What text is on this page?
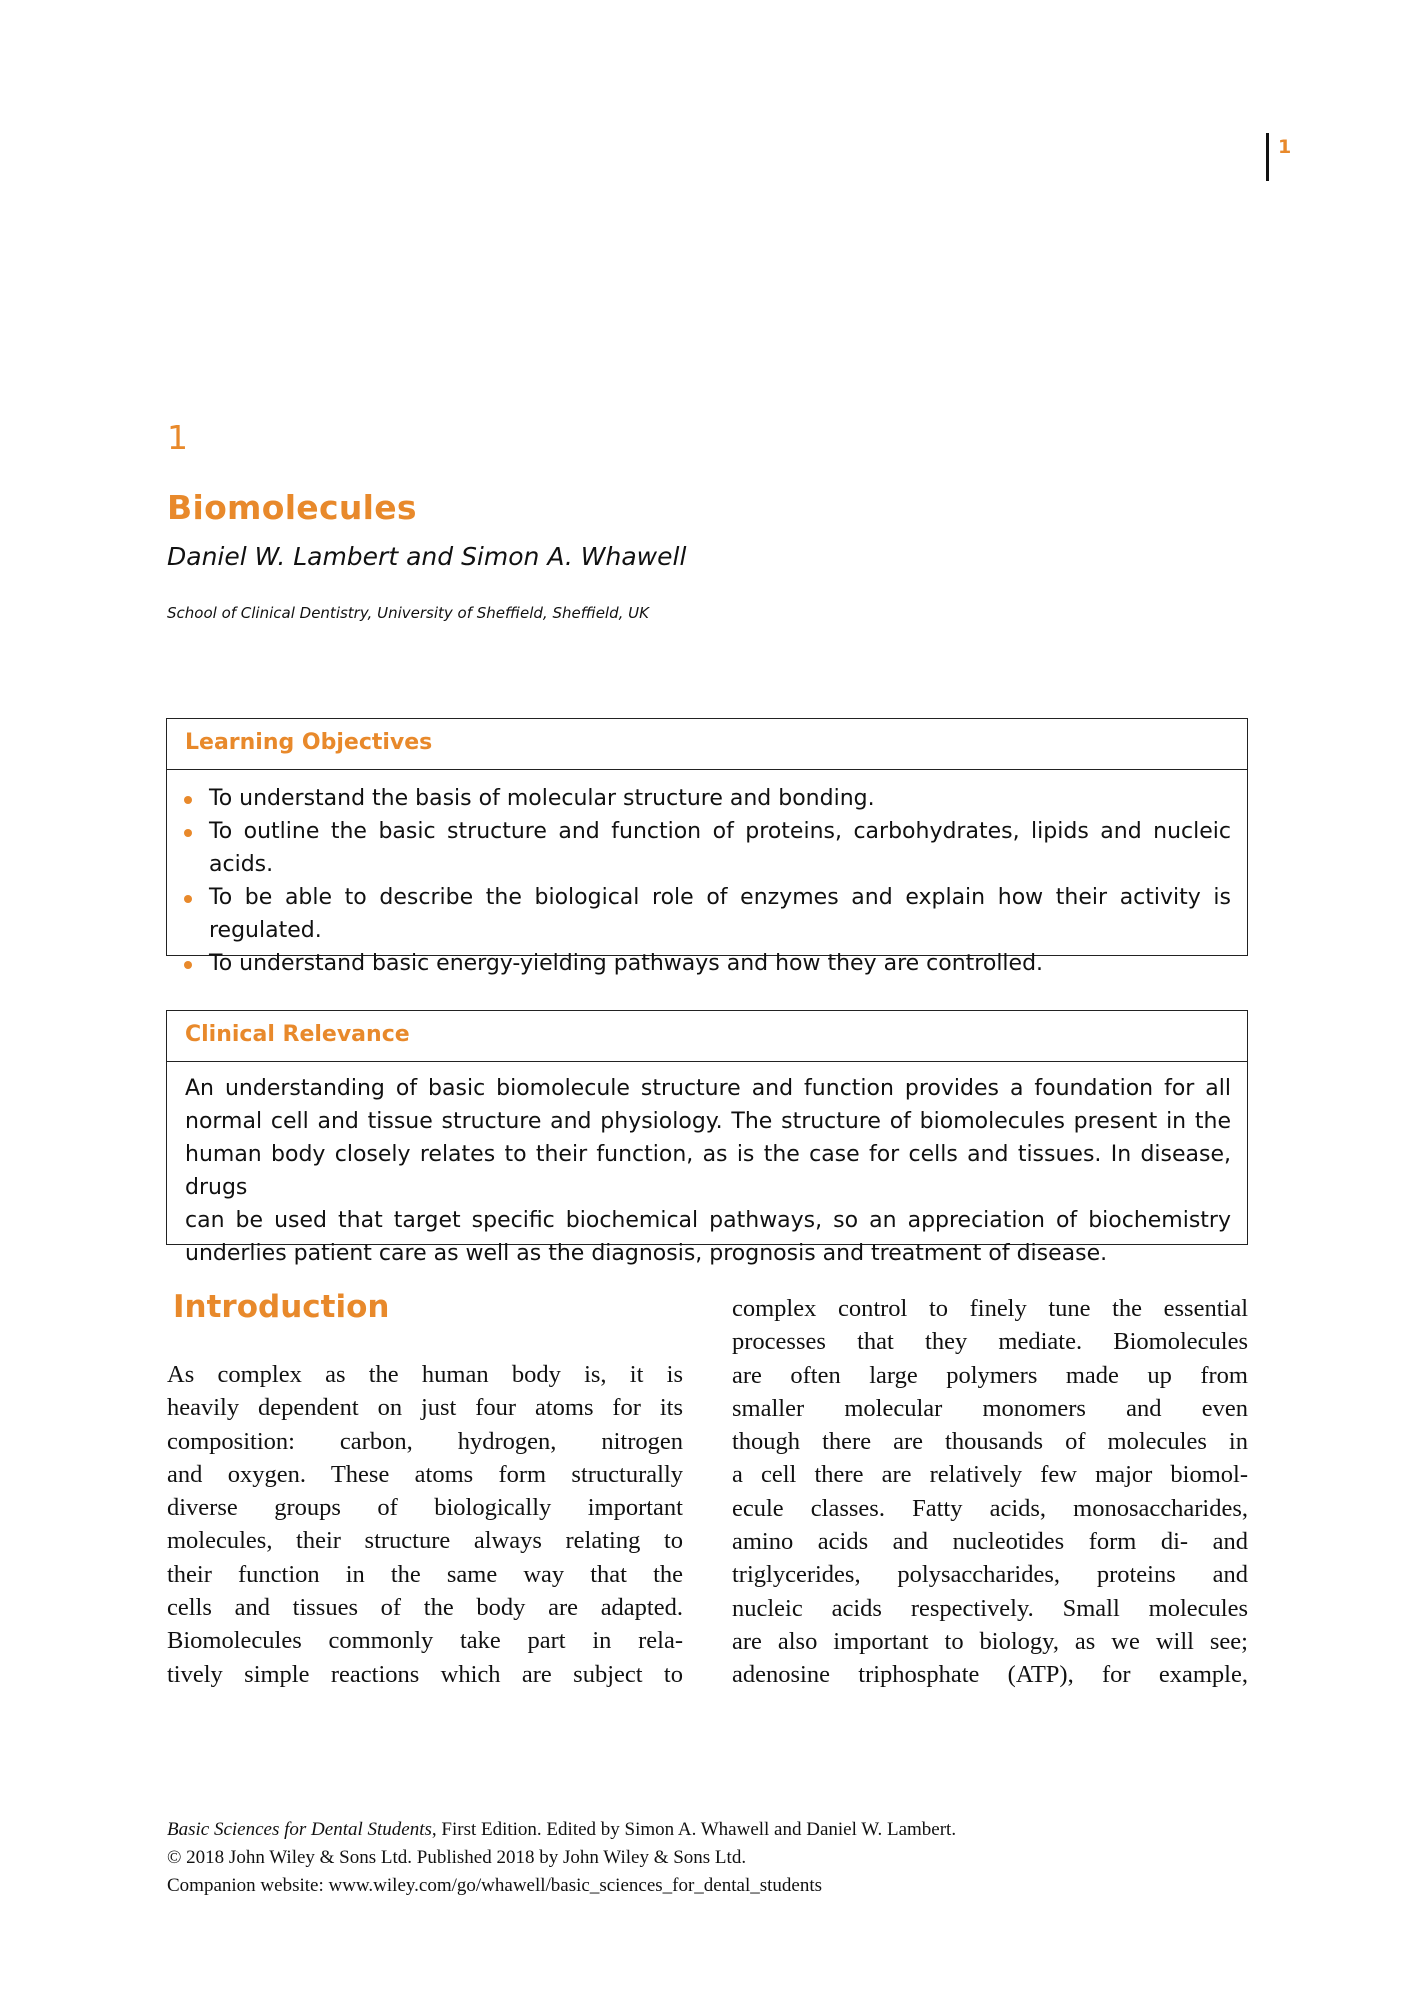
1
1
Biomolecules
Daniel W. Lambert and Simon A. Whawell
School of Clinical Dentistry, University of Sheffield, Sheffield, UK
Learning Objectives
To understand the basis of molecular structure and bonding.
To outline the basic structure and function of proteins, carbohydrates, lipids and nucleic acids.
To be able to describe the biological role of enzymes and explain how their activity is regulated.
To understand basic energy-yielding pathways and how they are controlled.
Clinical Relevance
An understanding of basic biomolecule structure and function provides a foundation for all
normal cell and tissue structure and physiology. The structure of biomolecules present in the
human body closely relates to their function, as is the case for cells and tissues. In disease, drugs
can be used that target specific biochemical pathways, so an appreciation of biochemistry
underlies patient care as well as the diagnosis, prognosis and treatment of disease.
Introduction
As complex as the human body is, it is
heavily dependent on just four atoms for its
composition: carbon, hydrogen, nitrogen
and oxygen. These atoms form structurally
diverse groups of biologically important
molecules, their structure always relating to
their function in the same way that the
cells and tissues of the body are adapted.
Biomolecules commonly take part in rela-
tively simple reactions which are subject to
complex control to finely tune the essential
processes that they mediate. Biomolecules
are often large polymers made up from
smaller molecular monomers and even
though there are thousands of molecules in
a cell there are relatively few major biomol-
ecule classes. Fatty acids, monosaccharides,
amino acids and nucleotides form di- and
triglycerides, polysaccharides, proteins and
nucleic acids respectively. Small molecules
are also important to biology, as we will see;
adenosine triphosphate (ATP), for example,
Basic Sciences for Dental Students, First Edition. Edited by Simon A. Whawell and Daniel W. Lambert.
© 2018 John Wiley & Sons Ltd. Published 2018 by John Wiley & Sons Ltd.
Companion website: www.wiley.com/go/whawell/basic_sciences_for_dental_students
